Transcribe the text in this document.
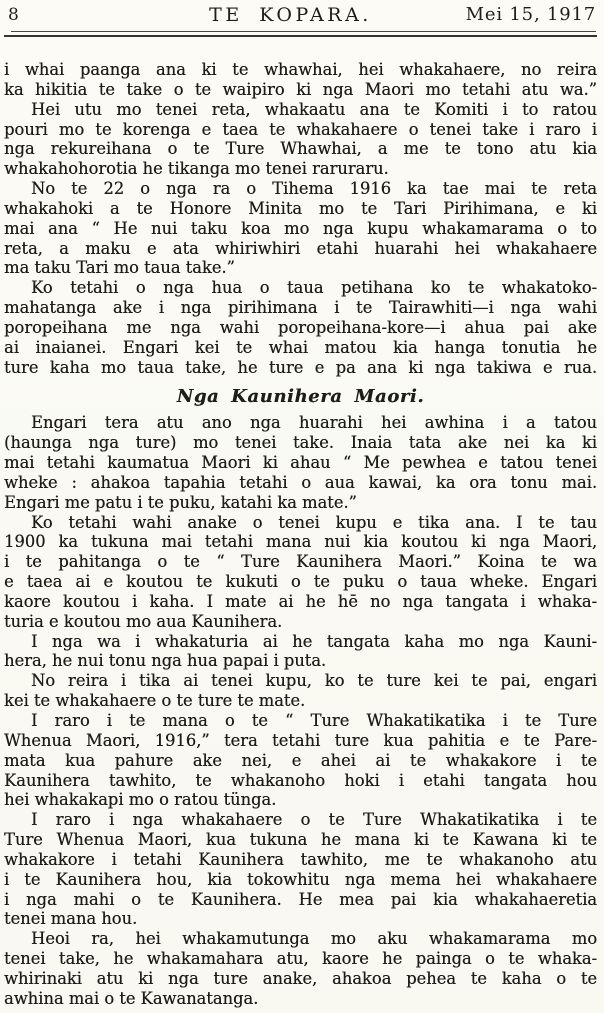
8	TE KOPARA.	Mei 15, 1917
i whai paanga ana ki te whawhai, hei whakahaere, no reira
ka hikitia te take o te waipiro ki nga Maori mo tetahi atu wa.”
Hei utu mo tenei reta, whakaatu ana te Komiti i to ratou
pouri mo te korenga e taea te whakahaere o tenei take i raro i
nga rekureihana o te Ture Whawhai, a me te tono atu kia
whakahohorotia he tikanga mo tenei raruraru.
No te 22 o nga ra o Tihema 1916 ka tae mai te reta
whakahoki a te Honore Minita mo te Tari Pirihimana, e ki
mai ana “ He nui taku koa mo nga kupu whakamarama o to
reta, a maku e ata whiriwhiri etahi huarahi hei whakahaere
ma taku Tari mo taua take.”
Ko tetahi o nga hua o taua petihana ko te whakatoko-
mahatanga ake i nga pirihimana i te Tairawhiti—i nga wahi
poropeihana me nga wahi poropeihana-kore—i ahua pai ake
ai inaianei. Engari kei te whai matou kia hanga tonutia he
ture kaha mo taua take, he ture e pa ana ki nga takiwa e rua.
Nga Kaunihera Maori.
Engari tera atu ano nga huarahi hei awhina i a tatou
(haunga nga ture) mo tenei take. Inaia tata ake nei ka ki
mai tetahi kaumatua Maori ki ahau “ Me pewhea e tatou tenei
wheke : ahakoa tapahia tetahi o aua kawai, ka ora tonu mai.
Engari me patu i te puku, katahi ka mate.”
Ko tetahi wahi anake o tenei kupu e tika ana. I te tau
1900 ka tukuna mai tetahi mana nui kia koutou ki nga Maori,
i te pahitanga o te “ Ture Kaunihera Maori.” Koina te wa
e taea ai e koutou te kukuti o te puku o taua wheke. Engari
kaore koutou i kaha. I mate ai he hē no nga tangata i whaka-
turia e koutou mo aua Kaunihera.
I nga wa i whakaturia ai he tangata kaha mo nga Kauni-
hera, he nui tonu nga hua papai i puta.
No reira i tika ai tenei kupu, ko te ture kei te pai, engari
kei te whakahaere o te ture te mate.
I raro i te mana o te “ Ture Whakatikatika i te Ture
Whenua Maori, 1916,” tera tetahi ture kua pahitia e te Pare-
mata kua pahure ake nei, e ahei ai te whakakore i te
Kaunihera tawhito, te whakanoho hoki i etahi tangata hou
hei whakakapi mo o ratou tünga.
I raro i nga whakahaere o te Ture Whakatikatika i te
Ture Whenua Maori, kua tukuna he mana ki te Kawana ki te
whakakore i tetahi Kaunihera tawhito, me te whakanoho atu
i te Kaunihera hou, kia tokowhitu nga mema hei whakahaere
i nga mahi o te Kaunihera. He mea pai kia whakahaeretia
tenei mana hou.
Heoi ra, hei whakamutunga mo aku whakamarama mo
tenei take, he whakamahara atu, kaore he painga o te whaka-
whirinaki atu ki nga ture anake, ahakoa pehea te kaha o te
awhina mai o te Kawanatanga.
